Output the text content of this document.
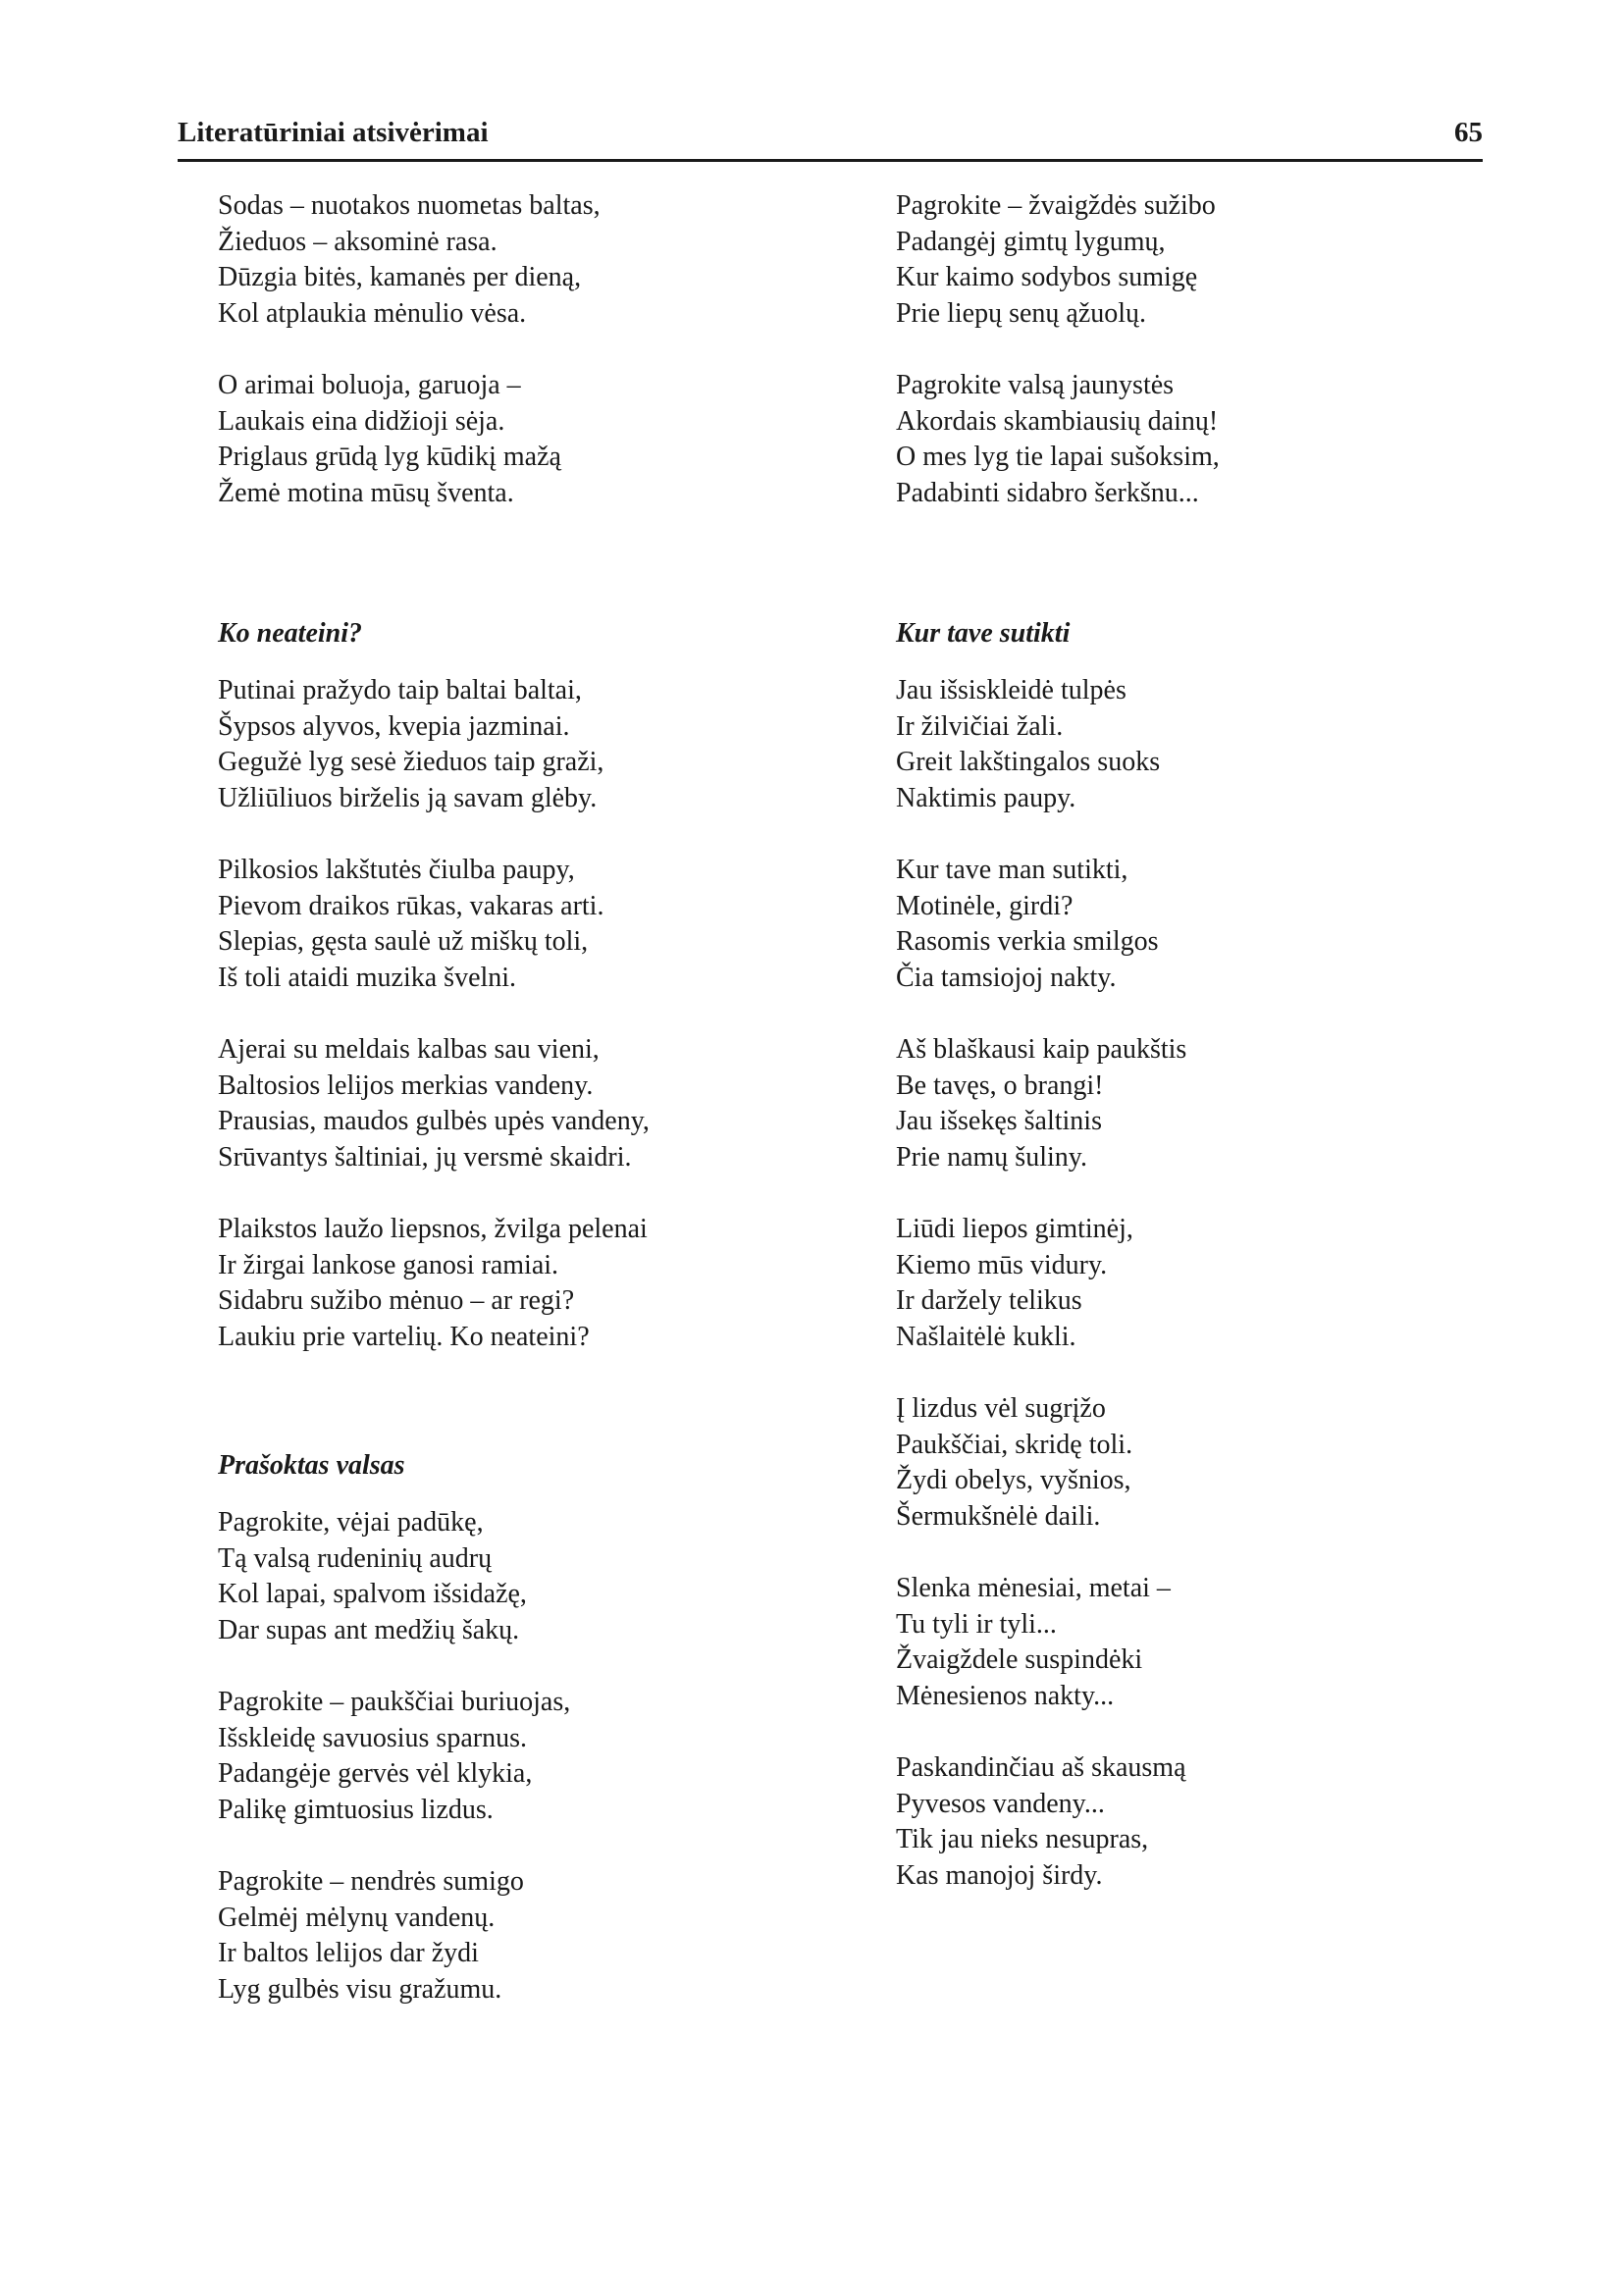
Literatūriniai atsivėrimai	65
Sodas – nuotakos nuometas baltas,
Žieduos – aksominė rasa.
Dūzgia bitės, kamanės per dieną,
Kol atplaukia mėnulio vėsa.
O arimai boluoja, garuoja –
Laukais eina didžioji sėja.
Priglaus grūdą lyg kūdikį mažą
Žemė motina mūsų šventa.
Ko neateini?
Putinai pražydo taip baltai baltai,
Šypsos alyvos, kvepia jazminai.
Gegužė lyg sesė žieduos taip graži,
Užliūliuos birželis ją savam glėby.
Pilkosios lakštutės čiulba paupy,
Pievom draikos rūkas, vakaras arti.
Slepias, gęsta saulė už miškų toli,
Iš toli ataidi muzika švelni.
Ajerai su meldais kalbas sau vieni,
Baltosios lelijos merkias vandeny.
Prausias, maudos gulbės upės vandeny,
Srūvantys šaltiniai, jų versmė skaidri.
Plaikstos laužo liepsnos, žvilga pelenai
Ir žirgai lankose ganosi ramiai.
Sidabru sužibo mėnuo – ar regi?
Laukiu prie vartelių. Ko neateini?
Prašoktas valsas
Pagrokite, vėjai padūkę,
Tą valsą rudeninių audrų
Kol lapai, spalvom išsidažę,
Dar supas ant medžių šakų.
Pagrokite – paukščiai buriuojas,
Išskleidę savuosius sparnus.
Padangėje gervės vėl klykia,
Palikę gimtuosius lizdus.
Pagrokite – nendrės sumigo
Gelmėj mėlynų vandenų.
Ir baltos lelijos dar žydi
Lyg gulbės visu gražumu.
Pagrokite – žvaigždės sužibo
Padangėj gimtų lygumų,
Kur kaimo sodybos sumigę
Prie liepų senų ąžuolų.
Pagrokite valsą jaunystės
Akordais skambiausių dainų!
O mes lyg tie lapai sušoksim,
Padabinti sidabro šerkšnu...
Kur tave sutikti
Jau išsiskleidė tulpės
Ir žilvičiai žali.
Greit lakštingalos suoks
Naktimis paupy.
Kur tave man sutikti,
Motinėle, girdi?
Rasomis verkia smilgos
Čia tamsiojoj nakty.
Aš blaškausi kaip paukštis
Be tavęs, o brangi!
Jau išsekęs šaltinis
Prie namų šuliny.
Liūdi liepos gimtinėj,
Kiemo mūs vidury.
Ir daržely telikus
Našlaitėlė kukli.
Į lizdus vėl sugrįžo
Paukščiai, skridę toli.
Žydi obelys, vyšnios,
Šermukšnėlė daili.
Slenka mėnesiai, metai –
Tu tyli ir tyli...
Žvaigždele suspindėki
Mėnesienos nakty...
Paskandinčiau aš skausmą
Pyvesos vandeny...
Tik jau nieks nesupras,
Kas manojoj širdy.
